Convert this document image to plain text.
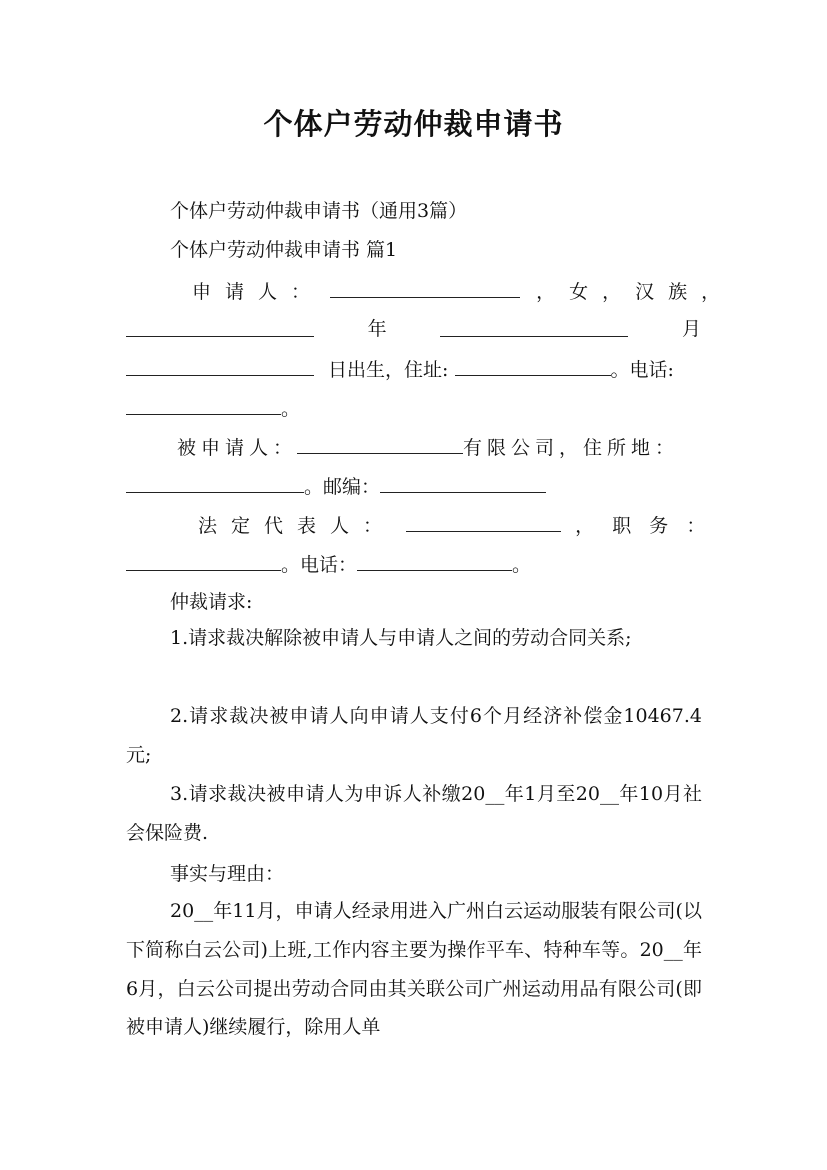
个体户劳动仲裁申请书
个体户劳动仲裁申请书（通用3篇）
个体户劳动仲裁申请书 篇1
申请人：	，女，汉族，
年	月
日出生，住址:	。电话:
。
被申请人：	有限公司，住所地：
。邮编：
法定代表人：	，  职  务  ：
。电话：	。
仲裁请求:

1.请求裁决解除被申请人与申请人之间的劳动合同关系;

2.请求裁决被申请人向申请人支付6个月经济补偿金10467.4元;

3.请求裁决被申请人为申诉人补缴20__年1月至20__年10月社会保险费.

事实与理由：

20__年11月，申请人经录用进入广州白云运动服装有限公司(以下简称白云公司)上班,工作内容主要为操作平车、特种车等。20__年6月，白云公司提出劳动合同由其关联公司广州运动用品有限公司(即被申请人)继续履行，除用人单
